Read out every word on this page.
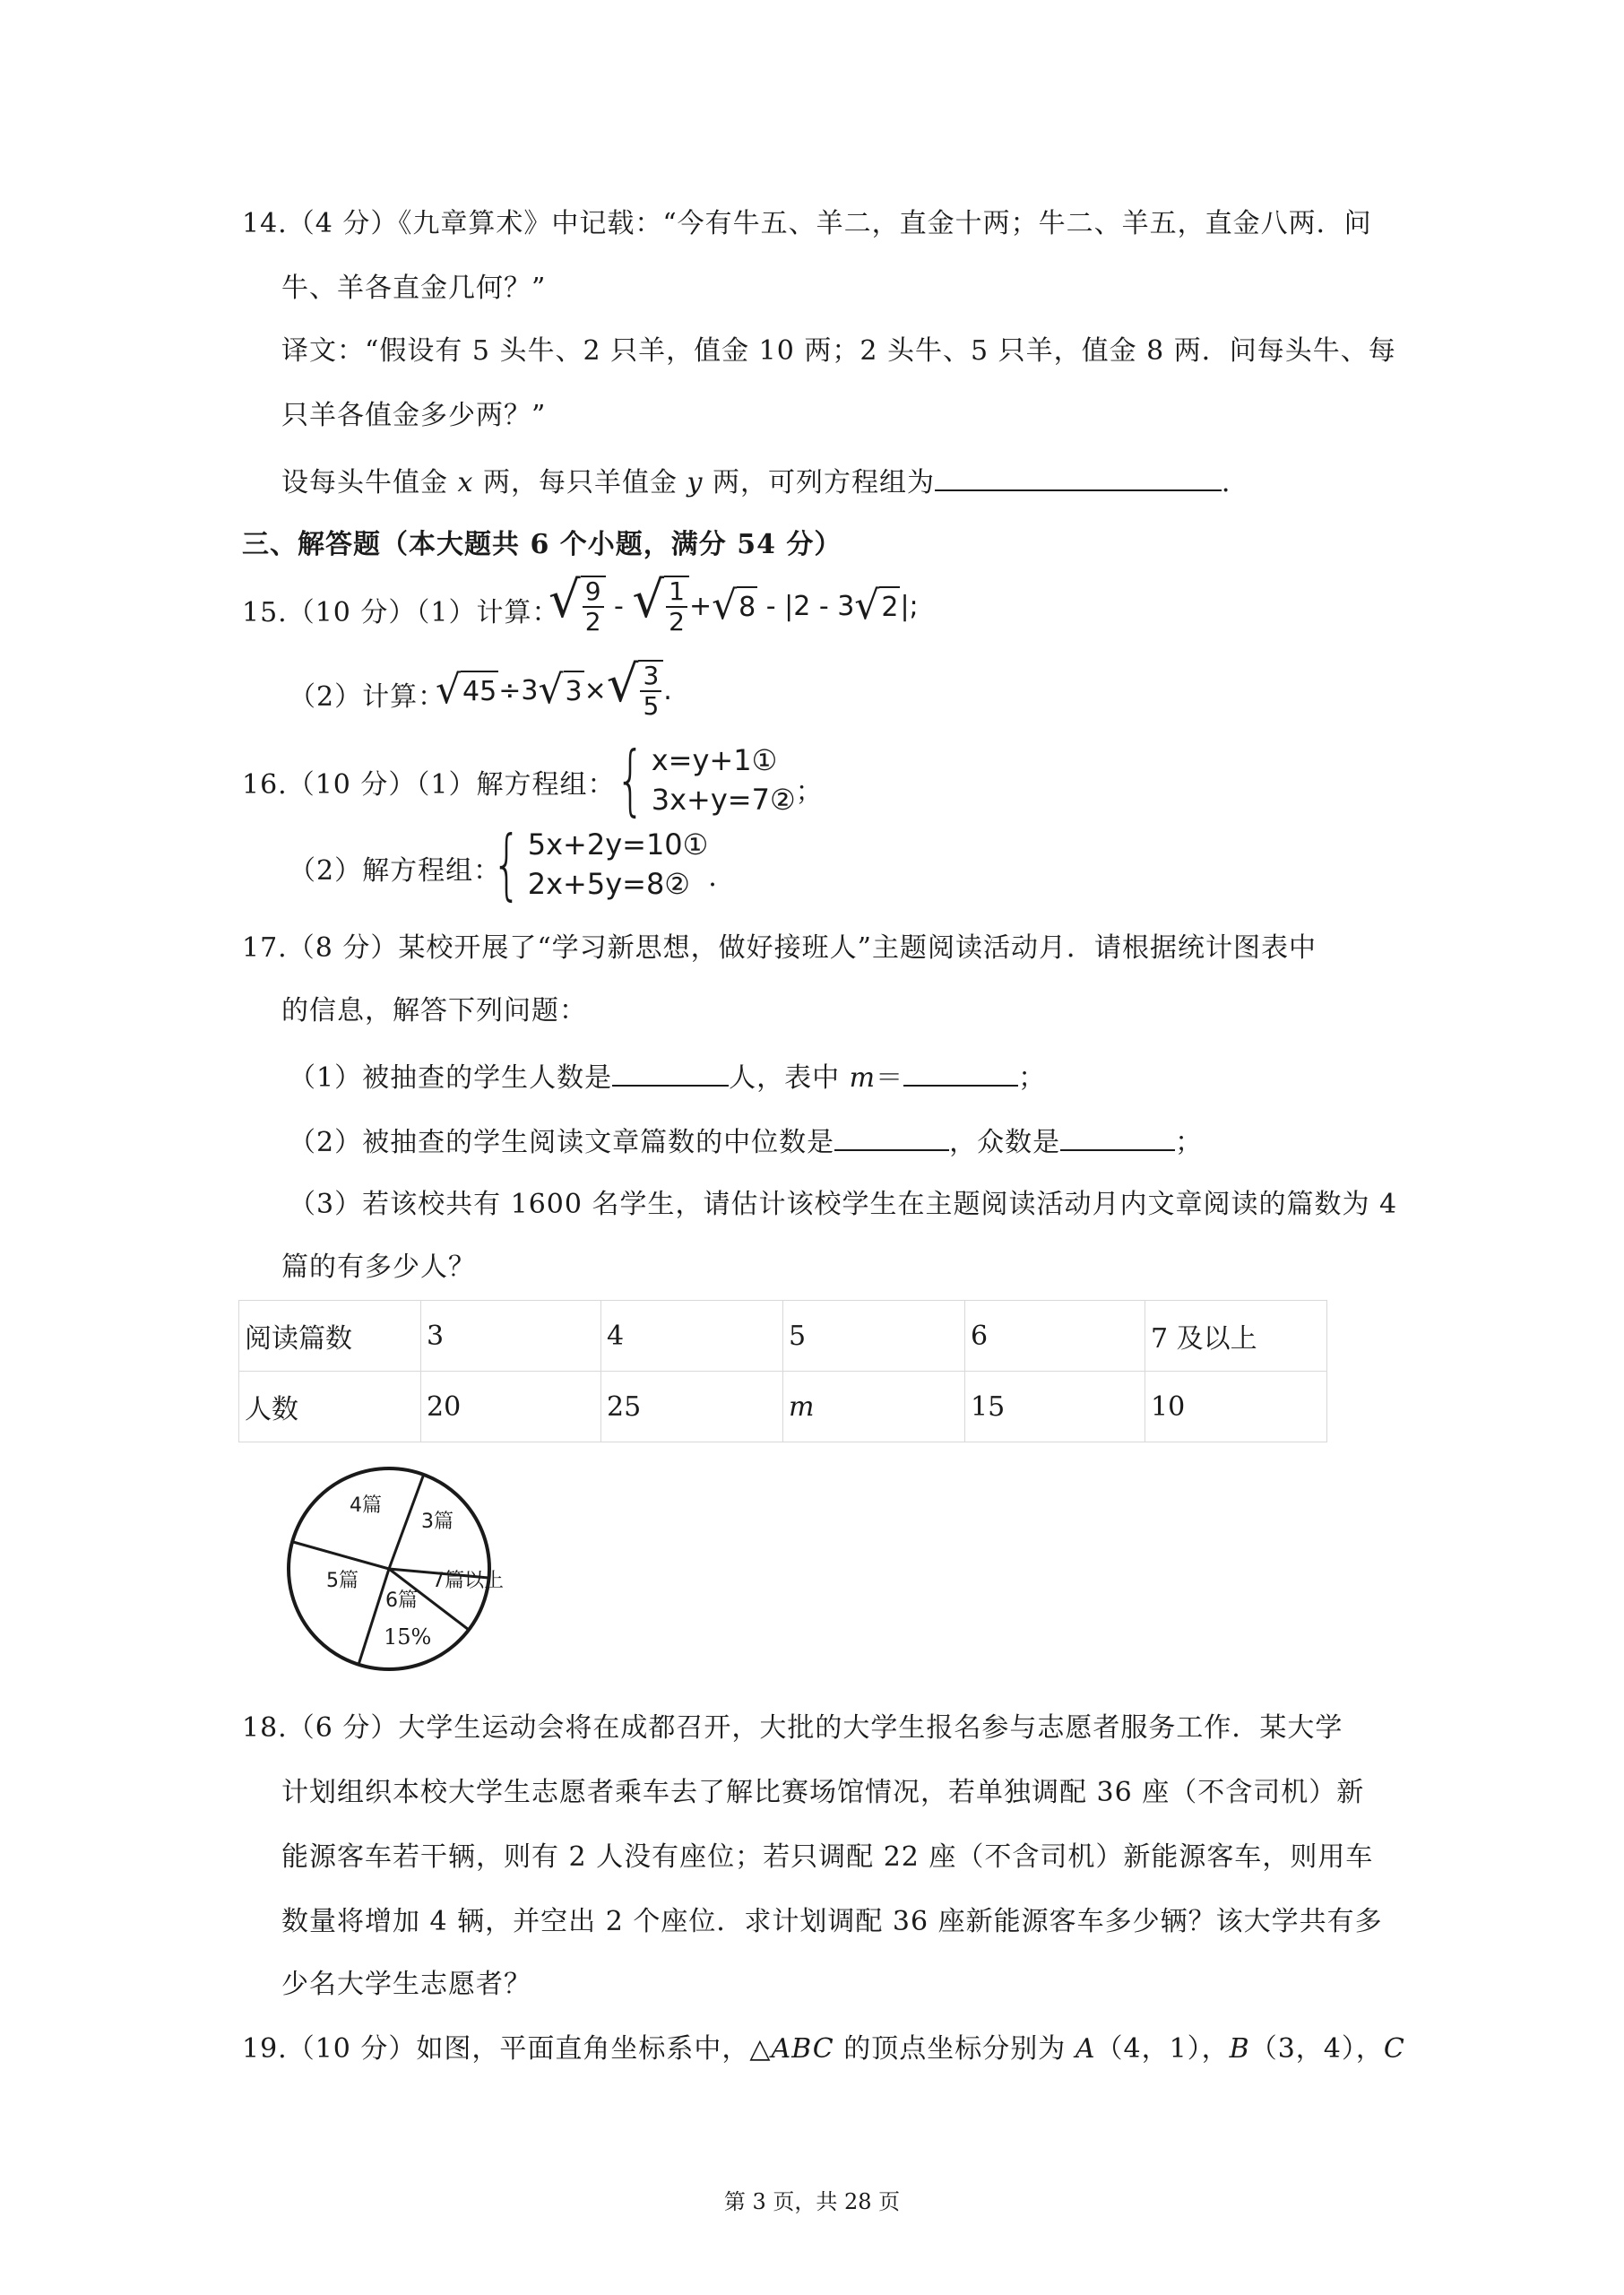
14.（4 分）《九章算术》中记载：“今有牛五、羊二，直金十两；牛二、羊五，直金八两．问
牛、羊各直金几何？”
译文：“假设有 5 头牛、2 只羊，值金 10 两；2 头牛、5 只羊，值金 8 两．问每头牛、每
只羊各值金多少两？”
设每头牛值金 x 两，每只羊值金 y 两，可列方程组为	．
三、解答题（本大题共 6 个小题，满分 54 分）
15.（10 分）（1）计算：
√ $\frac{9}{2}$ - √ $\frac{1}{2}$ + √ 8 - |2 - 3 √ 2 |;
（2）计算：
√ 45 ÷3 √ 3 × √ $\frac{3}{5}$ .
16.（10 分）（1）解方程组： { x=y+1①
3x+y=7② ；
（2）解方程组：
{ 5x+2y=10①
2x+5y=8② ．
17.（8 分）某校开展了“学习新思想，做好接班人”主题阅读活动月．请根据统计图表中
的信息，解答下列问题：
（1）被抽查的学生人数是	人，表中 m＝	；
（2）被抽查的学生阅读文章篇数的中位数是	，众数是	；
（3）若该校共有 1600 名学生，请估计该校学生在主题阅读活动月内文章阅读的篇数为 4
篇的有多少人？
阅读篇数	3	4	5	6	7 及以上
人数	20	25	m	15	10
4篇
3篇
5篇
6篇
7篇以上
15%
18.（6 分）大学生运动会将在成都召开，大批的大学生报名参与志愿者服务工作．某大学
计划组织本校大学生志愿者乘车去了解比赛场馆情况，若单独调配 36 座（不含司机）新
能源客车若干辆，则有 2 人没有座位；若只调配 22 座（不含司机）新能源客车，则用车
数量将增加 4 辆，并空出 2 个座位．求计划调配 36 座新能源客车多少辆？该大学共有多
少名大学生志愿者？
19.（10 分）如图，平面直角坐标系中，△ABC 的顶点坐标分别为 A（4，1），B（3，4），C
第 3 页，共 28 页
